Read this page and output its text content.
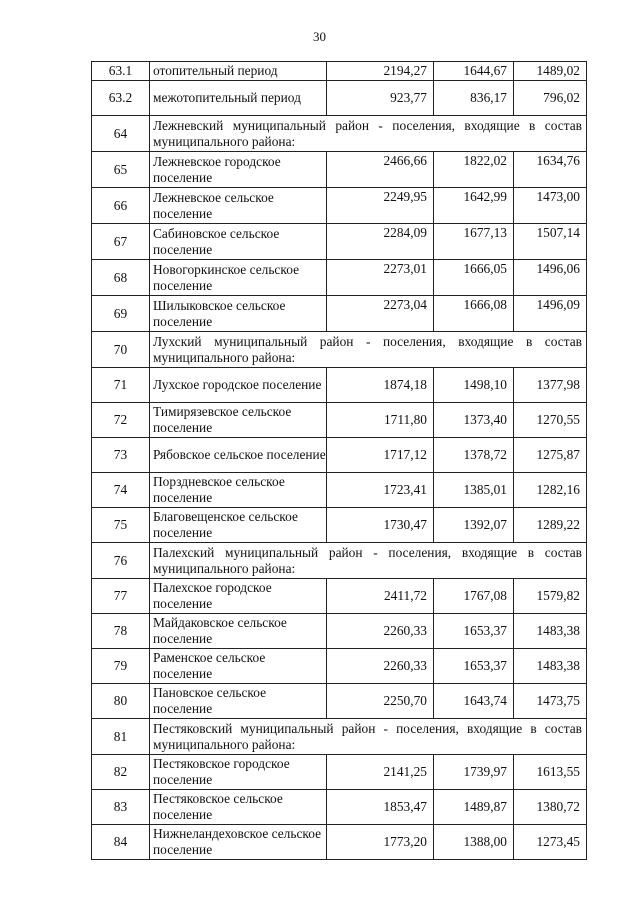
30
63.1	отопительный период	2194,27	1644,67	1489,02
63.2	межотопительный период	923,77	836,17	796,02
64	Лежневский муниципальный район - поселения, входящие в состав муниципального района:			
65	Лежневское городское поселение	2466,66	1822,02	1634,76
66	Лежневское сельское поселение	2249,95	1642,99	1473,00
67	Сабиновское сельское поселение	2284,09	1677,13	1507,14
68	Новогоркинское сельское поселение	2273,01	1666,05	1496,06
69	Шилыковское сельское поселение	2273,04	1666,08	1496,09
70	Лухский муниципальный район - поселения, входящие в состав муниципального района:			
71	Лухское городское поселение	1874,18	1498,10	1377,98
72	Тимирязевское сельское поселение	1711,80	1373,40	1270,55
73	Рябовское сельское поселение	1717,12	1378,72	1275,87
74	Порздневское сельское поселение	1723,41	1385,01	1282,16
75	Благовещенское сельское поселение	1730,47	1392,07	1289,22
76	Палехский муниципальный район - поселения, входящие в состав муниципального района:			
77	Палехское городское поселение	2411,72	1767,08	1579,82
78	Майдаковское сельское поселение	2260,33	1653,37	1483,38
79	Раменское сельское поселение	2260,33	1653,37	1483,38
80	Пановское сельское поселение	2250,70	1643,74	1473,75
81	Пестяковский муниципальный район - поселения, входящие в состав муниципального района:			
82	Пестяковское городское поселение	2141,25	1739,97	1613,55
83	Пестяковское сельское поселение	1853,47	1489,87	1380,72
84	Нижнеландеховское сельское поселение	1773,20	1388,00	1273,45
